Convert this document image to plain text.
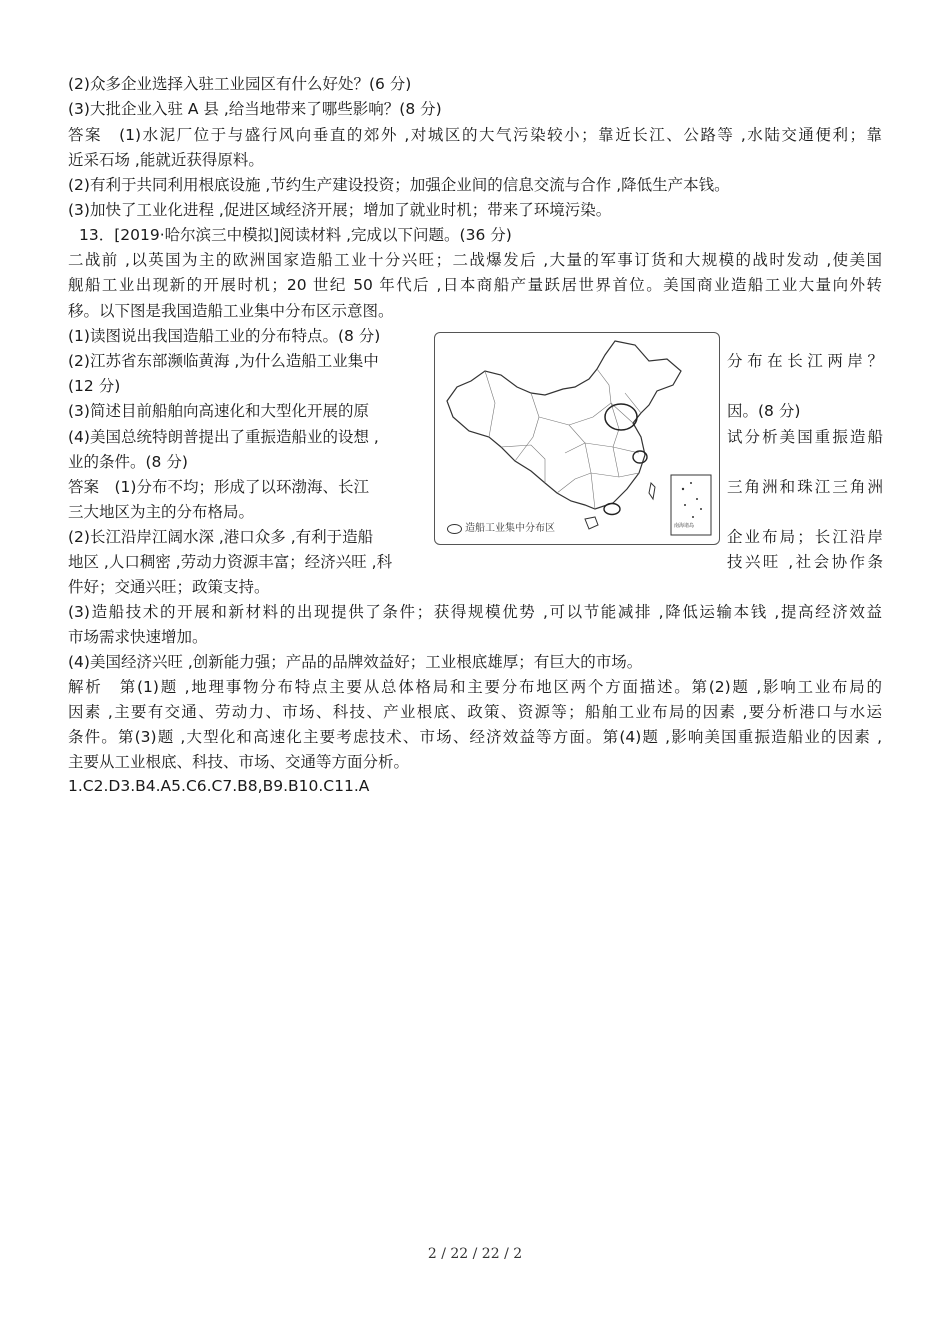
(2)众多企业选择入驻工业园区有什么好处？(6 分)
(3)大批企业入驻 A 县 ,给当地带来了哪些影响？(8 分)
答案　(1)水泥厂位于与盛行风向垂直的郊外 ,对城区的大气污染较小；靠近长江、公路等 ,水陆交通便利；靠
近采石场 ,能就近获得原料。
(2)有利于共同利用根底设施 ,节约生产建设投资；加强企业间的信息交流与合作 ,降低生产本钱。
(3)加快了工业化进程 ,促进区域经济开展；增加了就业时机；带来了环境污染。
13．[2019·哈尔滨三中模拟]阅读材料 ,完成以下问题。(36 分)
二战前 ,以英国为主的欧洲国家造船工业十分兴旺；二战爆发后 ,大量的军事订货和大规模的战时发动 ,使美国
舰船工业出现新的开展时机；20 世纪 50 年代后 ,日本商船产量跃居世界首位。美国商业造船工业大量向外转
移。以下图是我国造船工业集中分布区示意图。
(1)读图说出我国造船工业的分布特点。(8 分)
(2)江苏省东部濒临黄海 ,为什么造船工业集中	分布在长江两岸？
(12 分)
(3)简述目前船舶向高速化和大型化开展的原	因。(8 分)
(4)美国总统特朗普提出了重振造船业的设想 ,	试分析美国重振造船
业的条件。(8 分)
答案　(1)分布不均；形成了以环渤海、长江	三角洲和珠江三角洲
三大地区为主的分布格局。
(2)长江沿岸江阔水深 ,港口众多 ,有利于造船	企业布局；长江沿岸
地区 ,人口稠密 ,劳动力资源丰富；经济兴旺 ,科	技兴旺 ,社会协作条
件好；交通兴旺；政策支持。
(3)造船技术的开展和新材料的出现提供了条件；获得规模优势 ,可以节能减排 ,降低运输本钱 ,提高经济效益
市场需求快速增加。
(4)美国经济兴旺 ,创新能力强；产品的品牌效益好；工业根底雄厚；有巨大的市场。
解析　第(1)题 ,地理事物分布特点主要从总体格局和主要分布地区两个方面描述。第(2)题 ,影响工业布局的
因素 ,主要有交通、劳动力、市场、科技、产业根底、政策、资源等；船舶工业布局的因素 ,要分析港口与水运
条件。第(3)题 ,大型化和高速化主要考虑技术、市场、经济效益等方面。第(4)题 ,影响美国重振造船业的因素 ,
主要从工业根底、科技、市场、交通等方面分析。
1.C2.D3.B4.A5.C6.C7.B8,B9.B10.C11.A
造船工业集中分布区	南海诸岛
2 / 22 / 22 / 2
